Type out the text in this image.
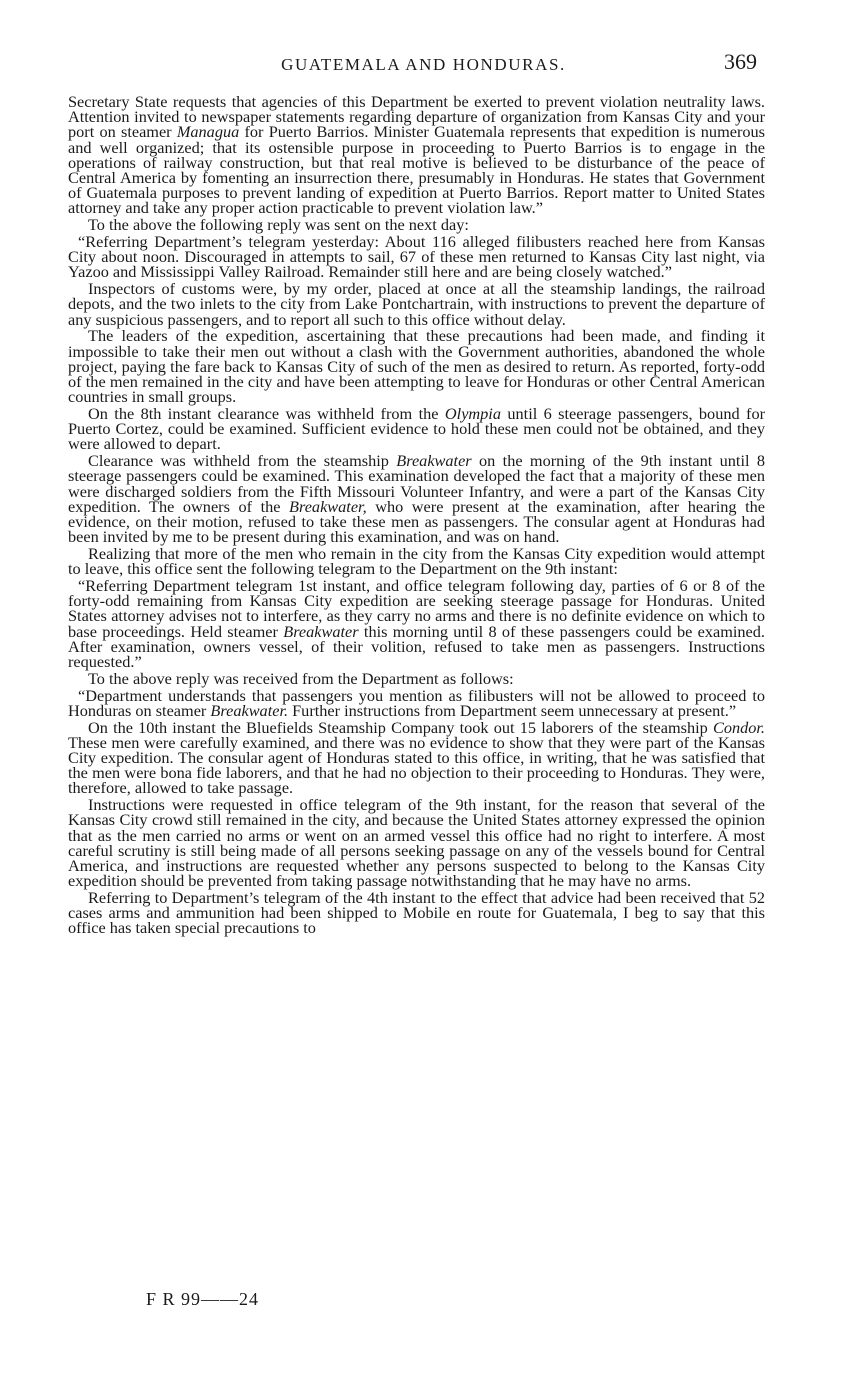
GUATEMALA AND HONDURAS.	369

Secretary State requests that agencies of this Department be exerted to prevent violation neutrality laws. Attention invited to newspaper statements regarding departure of organization from Kansas City and your port on steamer Managua for Puerto Barrios. Minister Guatemala represents that expedition is numerous and well organized; that its ostensible purpose in proceeding to Puerto Barrios is to engage in the operations of railway construction, but that real motive is believed to be disturbance of the peace of Central America by fomenting an insurrection there, presumably in Honduras. He states that Government of Guatemala purposes to prevent landing of expedition at Puerto Barrios. Report matter to United States attorney and take any proper action practicable to prevent violation law.”

To the above the following reply was sent on the next day:

“Referring Department’s telegram yesterday: About 116 alleged filibusters reached here from Kansas City about noon. Discouraged in attempts to sail, 67 of these men returned to Kansas City last night, via Yazoo and Mississippi Valley Railroad. Remainder still here and are being closely watched.”

Inspectors of customs were, by my order, placed at once at all the steamship landings, the railroad depots, and the two inlets to the city from Lake Pontchartrain, with instructions to prevent the departure of any suspicious passengers, and to report all such to this office without delay.

The leaders of the expedition, ascertaining that these precautions had been made, and finding it impossible to take their men out without a clash with the Government authorities, abandoned the whole project, paying the fare back to Kansas City of such of the men as desired to return. As reported, forty-odd of the men remained in the city and have been attempting to leave for Honduras or other Central American countries in small groups.

On the 8th instant clearance was withheld from the Olympia until 6 steerage passengers, bound for Puerto Cortez, could be examined. Sufficient evidence to hold these men could not be obtained, and they were allowed to depart.

Clearance was withheld from the steamship Breakwater on the morning of the 9th instant until 8 steerage passengers could be examined. This examination developed the fact that a majority of these men were discharged soldiers from the Fifth Missouri Volunteer Infantry, and were a part of the Kansas City expedition. The owners of the Breakwater, who were present at the examination, after hearing the evidence, on their motion, refused to take these men as passengers. The consular agent at Honduras had been invited by me to be present during this examination, and was on hand.

Realizing that more of the men who remain in the city from the Kansas City expedition would attempt to leave, this office sent the following telegram to the Department on the 9th instant:

“Referring Department telegram 1st instant, and office telegram following day, parties of 6 or 8 of the forty-odd remaining from Kansas City expedition are seeking steerage passage for Honduras. United States attorney advises not to interfere, as they carry no arms and there is no definite evidence on which to base proceedings. Held steamer Breakwater this morning until 8 of these passengers could be examined. After examination, owners vessel, of their volition, refused to take men as passengers. Instructions requested.”

To the above reply was received from the Department as follows:

“Department understands that passengers you mention as filibusters will not be allowed to proceed to Honduras on steamer Breakwater. Further instructions from Department seem unnecessary at present.”

On the 10th instant the Bluefields Steamship Company took out 15 laborers of the steamship Condor. These men were carefully examined, and there was no evidence to show that they were part of the Kansas City expedition. The consular agent of Honduras stated to this office, in writing, that he was satisfied that the men were bona fide laborers, and that he had no objection to their proceeding to Honduras. They were, therefore, allowed to take passage.

Instructions were requested in office telegram of the 9th instant, for the reason that several of the Kansas City crowd still remained in the city, and because the United States attorney expressed the opinion that as the men carried no arms or went on an armed vessel this office had no right to interfere. A most careful scrutiny is still being made of all persons seeking passage on any of the vessels bound for Central America, and instructions are requested whether any persons suspected to belong to the Kansas City expedition should be prevented from taking passage notwithstanding that he may have no arms.

Referring to Department’s telegram of the 4th instant to the effect that advice had been received that 52 cases arms and ammunition had been shipped to Mobile en route for Guatemala, I beg to say that this office has taken special precautions to

F R 99——24
